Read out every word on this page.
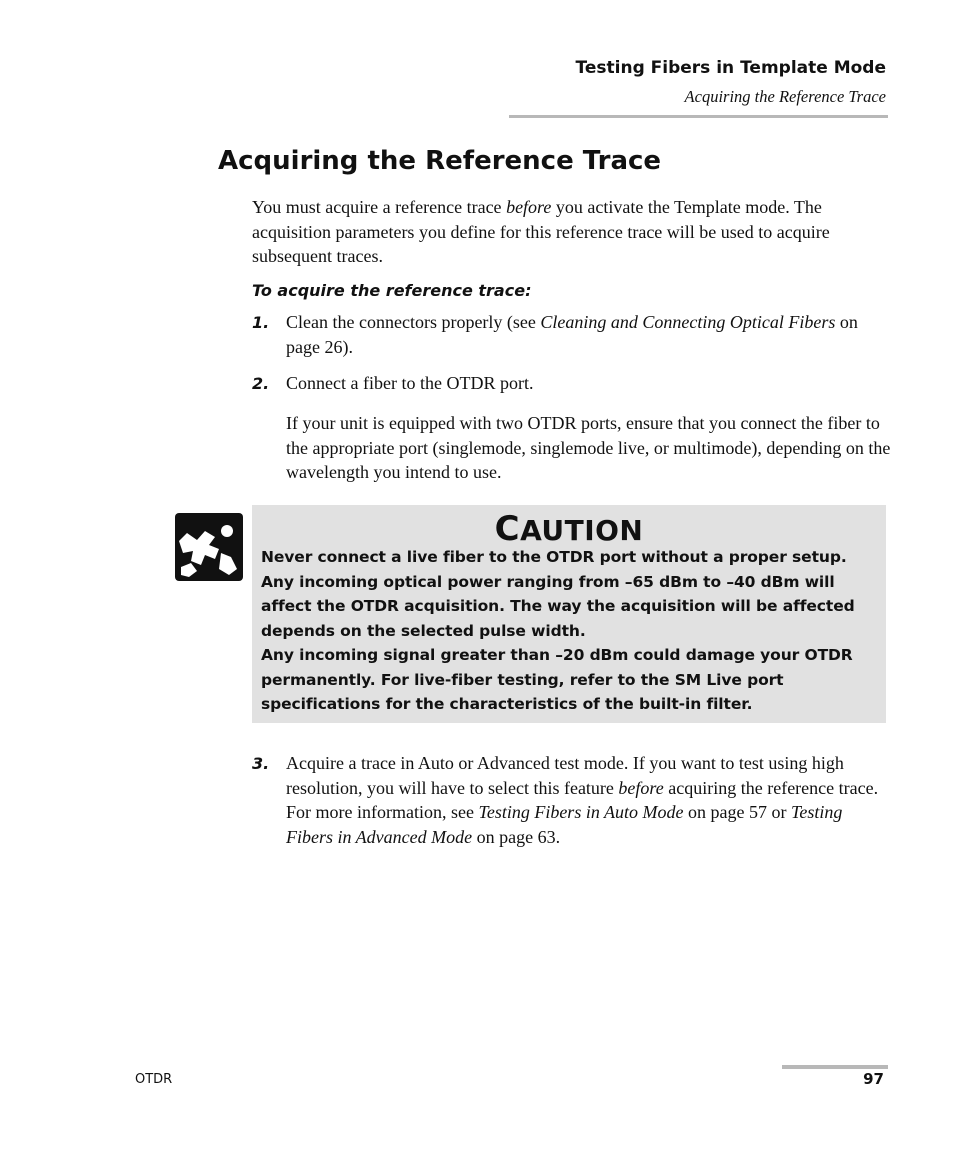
Testing Fibers in Template Mode
Acquiring the Reference Trace
Acquiring the Reference Trace
You must acquire a reference trace before you activate the Template mode. The acquisition parameters you define for this reference trace will be used to acquire subsequent traces.
To acquire the reference trace:
1. Clean the connectors properly (see Cleaning and Connecting Optical Fibers on page 26).
2. Connect a fiber to the OTDR port.
If your unit is equipped with two OTDR ports, ensure that you connect the fiber to the appropriate port (singlemode, singlemode live, or multimode), depending on the wavelength you intend to use.
CAUTION
Never connect a live fiber to the OTDR port without a proper setup. Any incoming optical power ranging from –65 dBm to –40 dBm will affect the OTDR acquisition. The way the acquisition will be affected depends on the selected pulse width.
Any incoming signal greater than –20 dBm could damage your OTDR permanently. For live-fiber testing, refer to the SM Live port specifications for the characteristics of the built-in filter.
3. Acquire a trace in Auto or Advanced test mode. If you want to test using high resolution, you will have to select this feature before acquiring the reference trace. For more information, see Testing Fibers in Auto Mode on page 57 or Testing Fibers in Advanced Mode on page 63.
OTDR	97
